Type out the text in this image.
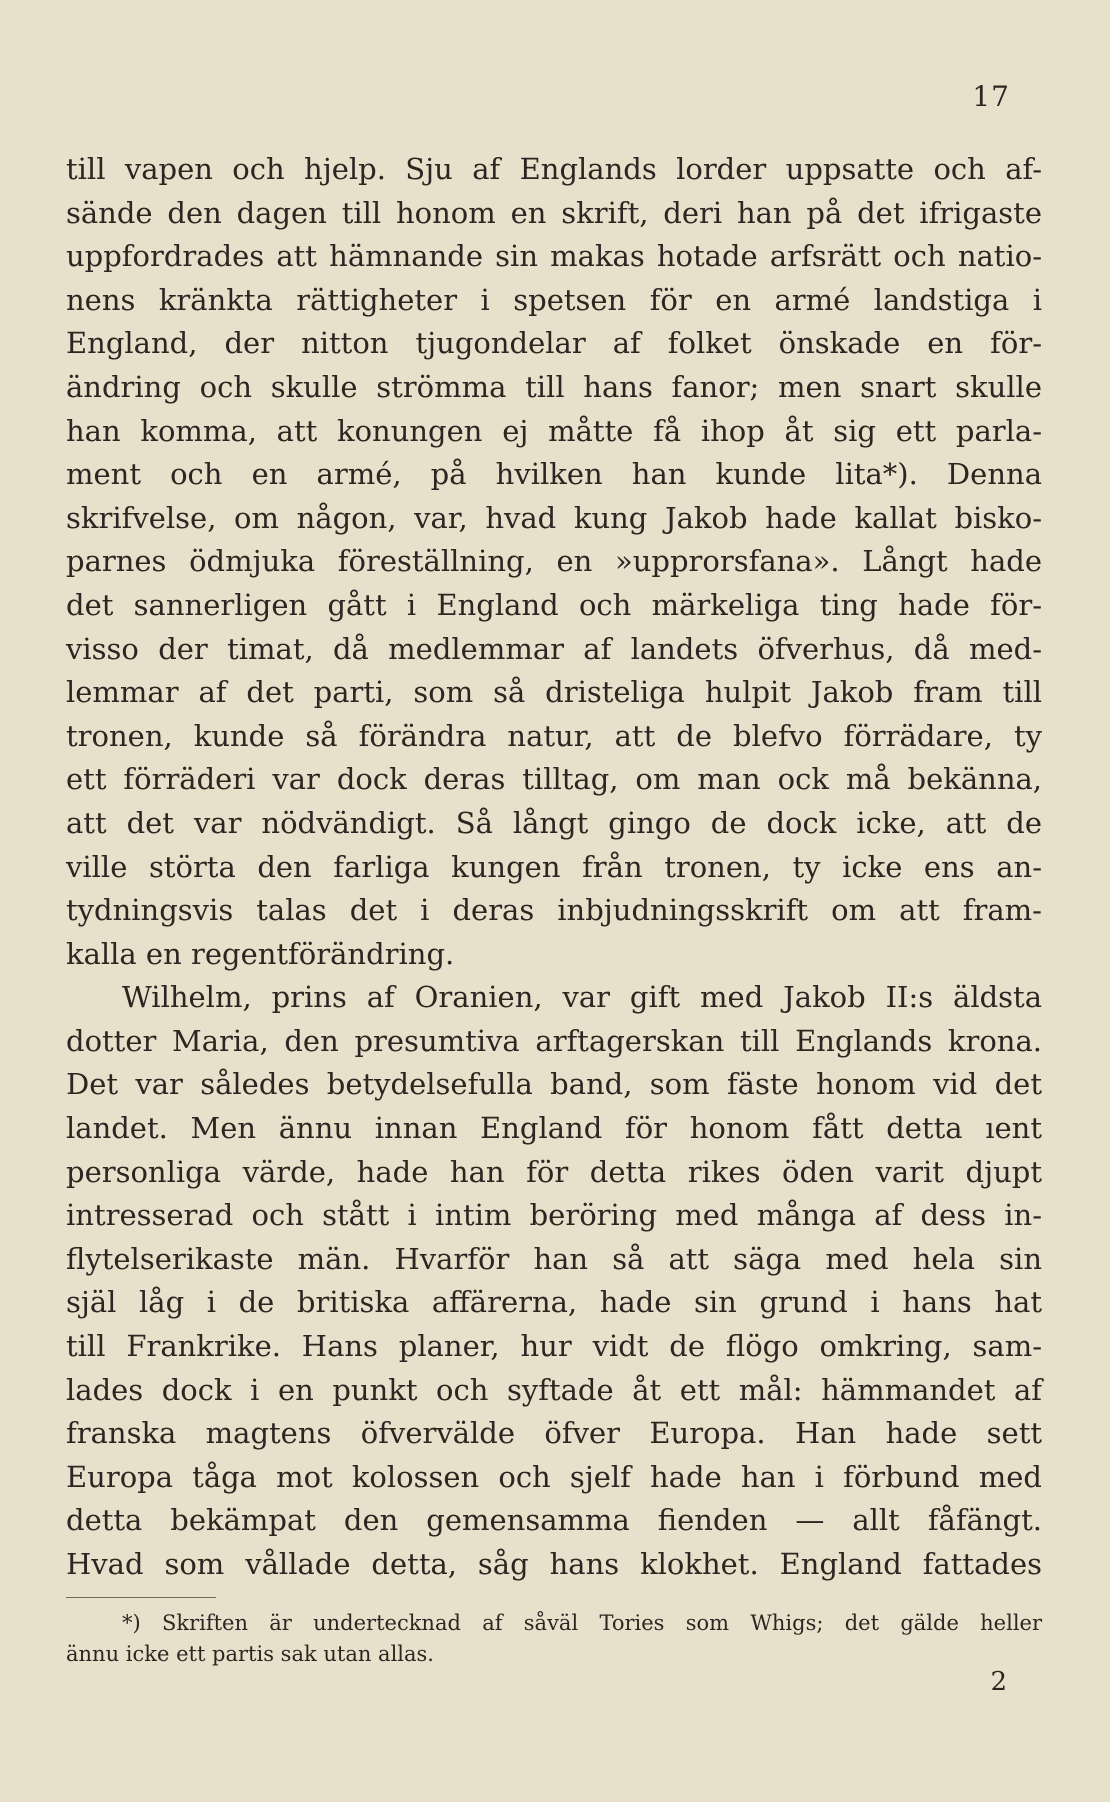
17
till vapen och hjelp. Sju af Englands lorder uppsatte och af-
sände den dagen till honom en skrift, deri han på det ifrigaste
uppfordrades att hämnande sin makas hotade arfsrätt och natio-
nens kränkta rättigheter i spetsen för en armé landstiga i
England, der nitton tjugondelar af folket önskade en för-
ändring och skulle strömma till hans fanor; men snart skulle
han komma, att konungen ej måtte få ihop åt sig ett parla-
ment och en armé, på hvilken han kunde lita*). Denna
skrifvelse, om någon, var, hvad kung Jakob hade kallat bisko-
parnes ödmjuka föreställning, en »upprorsfana». Långt hade
det sannerligen gått i England och märkeliga ting hade för-
visso der timat, då medlemmar af landets öfverhus, då med-
lemmar af det parti, som så dristeliga hulpit Jakob fram till
tronen, kunde så förändra natur, att de blefvo förrädare, ty
ett förräderi var dock deras tilltag, om man ock må bekänna,
att det var nödvändigt. Så långt gingo de dock icke, att de
ville störta den farliga kungen från tronen, ty icke ens an-
tydningsvis talas det i deras inbjudningsskrift om att fram-
kalla en regentförändring.
Wilhelm, prins af Oranien, var gift med Jakob II:s äldsta
dotter Maria, den presumtiva arftagerskan till Englands krona.
Det var således betydelsefulla band, som fäste honom vid det
landet. Men ännu innan England för honom fått detta ıent
personliga värde, hade han för detta rikes öden varit djupt
intresserad och stått i intim beröring med många af dess in-
flytelserikaste män. Hvarför han så att säga med hela sin
själ låg i de britiska affärerna, hade sin grund i hans hat
till Frankrike. Hans planer, hur vidt de flögo omkring, sam-
lades dock i en punkt och syftade åt ett mål: hämmandet af
franska magtens öfvervälde öfver Europa. Han hade sett
Europa tåga mot kolossen och sjelf hade han i förbund med
detta bekämpat den gemensamma fienden — allt fåfängt.
Hvad som vållade detta, såg hans klokhet. England fattades
*) Skriften är undertecknad af såväl Tories som Whigs; det gälde heller
ännu icke ett partis sak utan allas.
2
